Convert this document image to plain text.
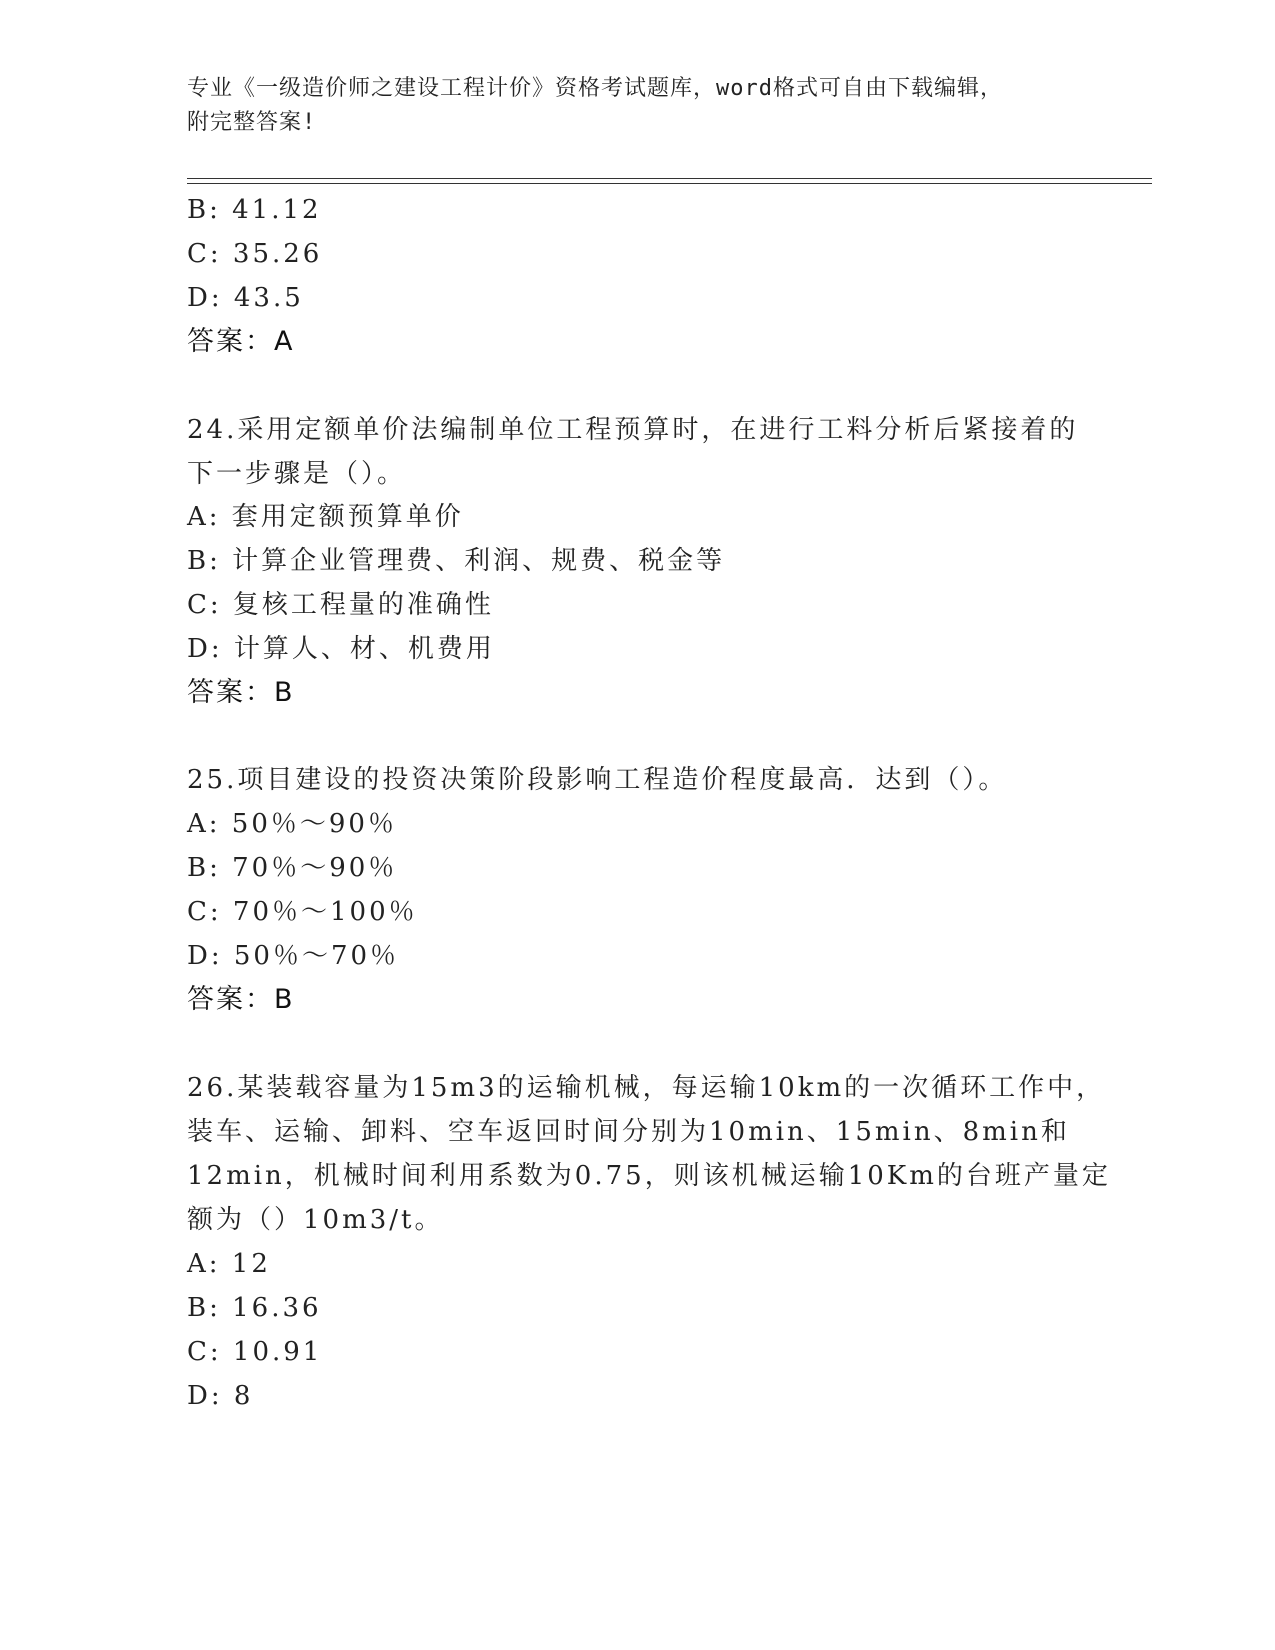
专业《一级造价师之建设工程计价》资格考试题库，word格式可自由下载编辑，
附完整答案!
B: 41.12
C: 35.26
D: 43.5
答案：A
24.采用定额单价法编制单位工程预算时，在进行工料分析后紧接着的
下一步骤是（）。
A: 套用定额预算单价
B: 计算企业管理费、利润、规费、税金等
C: 复核工程量的准确性
D: 计算人、材、机费用
答案：B
25.项目建设的投资决策阶段影响工程造价程度最高．达到（）。
A: 50％～90％
B: 70％～90％
C: 70％～100％
D: 50％～70％
答案：B
26.某装载容量为15m3的运输机械，每运输10km的一次循环工作中，
装车、运输、卸料、空车返回时间分别为10min、15min、8min和
12min，机械时间利用系数为0.75，则该机械运输10Km的台班产量定
额为（）10m3/t。
A: 12
B: 16.36
C: 10.91
D: 8
